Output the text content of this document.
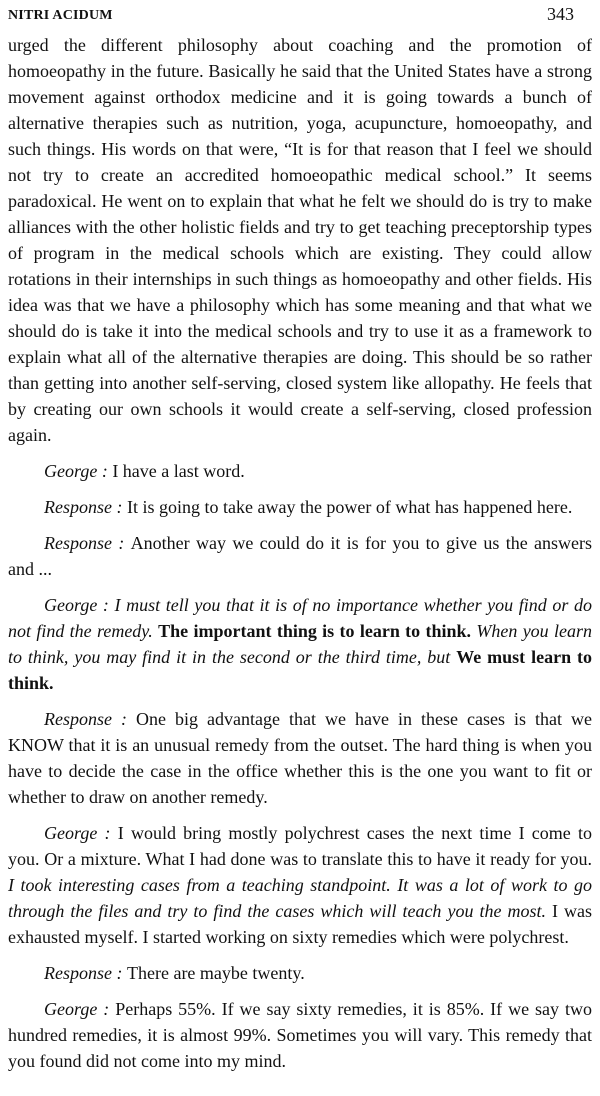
NITRI ACIDUM	343

urged the different philosophy about coaching and the promotion of homoeopathy in the future. Basically he said that the United States have a strong movement against orthodox medicine and it is going towards a bunch of alternative therapies such as nutrition, yoga, acupuncture, homoeopathy, and such things. His words on that were, “It is for that reason that I feel we should not try to create an accredited homoeopathic medical school.” It seems paradoxical. He went on to explain that what he felt we should do is try to make alliances with the other holistic fields and try to get teaching preceptorship types of program in the medical schools which are existing. They could allow rotations in their internships in such things as homoeopathy and other fields. His idea was that we have a philosophy which has some meaning and that what we should do is take it into the medical schools and try to use it as a framework to explain what all of the alternative therapies are doing. This should be so rather than getting into another self-serving, closed system like allopathy. He feels that by creating our own schools it would create a self-serving, closed profession again.

George : I have a last word.

Response : It is going to take away the power of what has happened here.

Response : Another way we could do it is for you to give us the answers and ...

George : I must tell you that it is of no importance whether you find or do not find the remedy. The important thing is to learn to think. When you learn to think, you may find it in the second or the third time, but We must learn to think.

Response : One big advantage that we have in these cases is that we KNOW that it is an unusual remedy from the outset. The hard thing is when you have to decide the case in the office whether this is the one you want to fit or whether to draw on another remedy.

George : I would bring mostly polychrest cases the next time I come to you. Or a mixture. What I had done was to translate this to have it ready for you. I took interesting cases from a teaching standpoint. It was a lot of work to go through the files and try to find the cases which will teach you the most. I was exhausted myself. I started working on sixty remedies which were polychrest.

Response : There are maybe twenty.

George : Perhaps 55%. If we say sixty remedies, it is 85%. If we say two hundred remedies, it is almost 99%. Sometimes you will vary. This remedy that you found did not come into my mind.
